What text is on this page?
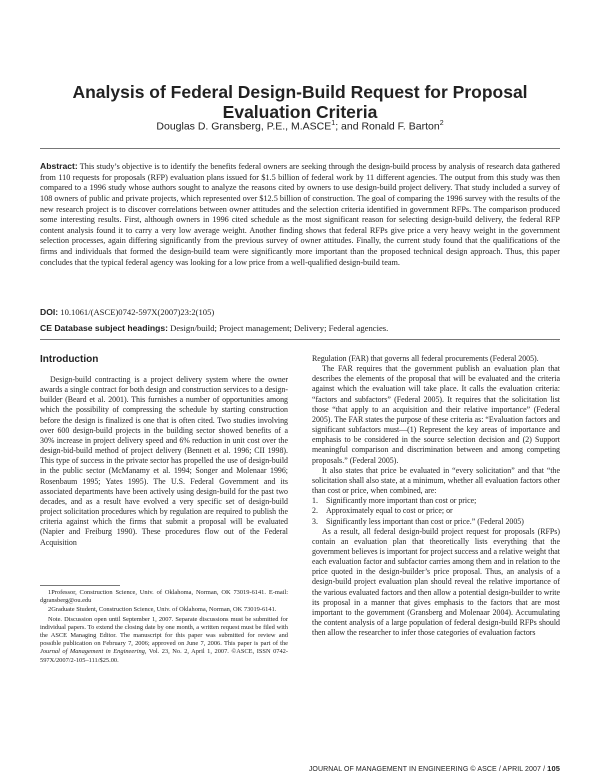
Analysis of Federal Design-Build Request for Proposal Evaluation Criteria
Douglas D. Gransberg, P.E., M.ASCE$^1$; and Ronald F. Barton$^2$

Abstract: This study’s objective is to identify the benefits federal owners are seeking through the design-build process by analysis of research data gathered from 110 requests for proposals (RFP) evaluation plans issued for $1.5 billion of federal work by 11 different agencies. The output from this study was then compared to a 1996 study whose authors sought to analyze the reasons cited by owners to use design-build project delivery. That study included a survey of 108 owners of public and private projects, which represented over $12.5 billion of construction. The goal of comparing the 1996 survey with the results of the new research project is to discover correlations between owner attitudes and the selection criteria identified in government RFPs. The comparison produced some interesting results. First, although owners in 1996 cited schedule as the most significant reason for selecting design-build delivery, the federal RFP content analysis found it to carry a very low average weight. Another finding shows that federal RFPs give price a very heavy weight in the government selection processes, again differing significantly from the previous survey of owner attitudes. Finally, the current study found that the qualifications of the firms and individuals that formed the design-build team were significantly more important than the proposed technical design approach. Thus, this paper concludes that the typical federal agency was looking for a low price from a well-qualified design-build team.

DOI: 10.1061/(ASCE)0742-597X(2007)23:2(105)

CE Database subject headings: Design/build; Project management; Delivery; Federal agencies.

Introduction

Design-build contracting is a project delivery system where the owner awards a single contract for both design and construction services to a design-builder (Beard et al. 2001). This furnishes a number of opportunities among which the possibility of compressing the schedule by starting construction before the design is finalized is one that is often cited. Two studies involving over 600 design-build projects in the building sector showed benefits of a 30% increase in project delivery speed and 6% reduction in unit cost over the design-bid-build method of project delivery (Bennett et al. 1996; CII 1998). This type of success in the private sector has propelled the use of design-build in the public sector (McManamy et al. 1994; Songer and Molenaar 1996; Rosenbaum 1995; Yates 1995). The U.S. Federal Government and its associated departments have been actively using design-build for the past two decades, and as a result have evolved a very specific set of design-build project solicitation procedures which by regulation are required to publish the criteria against which the firms that submit a proposal will be evaluated (Napier and Freiburg 1990). These procedures flow out of the Federal Acquisition

1Professor, Construction Science, Univ. of Oklahoma, Norman, OK 73019-6141. E-mail: dgransberg@ou.edu

2Graduate Student, Construction Science, Univ. of Oklahoma, Norman, OK 73019-6141.

Note. Discussion open until September 1, 2007. Separate discussions must be submitted for individual papers. To extend the closing date by one month, a written request must be filed with the ASCE Managing Editor. The manuscript for this paper was submitted for review and possible publication on February 7, 2006; approved on June 7, 2006. This paper is part of the Journal of Management in Engineering, Vol. 23, No. 2, April 1, 2007. ©ASCE, ISSN 0742-597X/2007/2-105–111/$25.00.

Regulation (FAR) that governs all federal procurements (Federal 2005).

The FAR requires that the government publish an evaluation plan that describes the elements of the proposal that will be evaluated and the criteria against which the evaluation will take place. It calls the evaluation criteria: “factors and subfactors” (Federal 2005). It requires that the solicitation list those “that apply to an acquisition and their relative importance” (Federal 2005). The FAR states the purpose of these criteria as: “Evaluation factors and significant subfactors must—(1) Represent the key areas of importance and emphasis to be considered in the source selection decision and (2) Support meaningful comparison and discrimination between and among competing proposals.” (Federal 2005).

It also states that price be evaluated in “every solicitation” and that “the solicitation shall also state, at a minimum, whether all evaluation factors other than cost or price, when combined, are:

1. Significantly more important than cost or price;
2. Approximately equal to cost or price; or
3. Significantly less important than cost or price.” (Federal 2005)

As a result, all federal design-build project request for proposals (RFPs) contain an evaluation plan that theoretically lists everything that the government believes is important for project success and a relative weight that each evaluation factor and subfactor carries among them and in relation to the price quoted in the design-builder’s price proposal. Thus, an analysis of a design-build project evaluation plan should reveal the relative importance of the various evaluated factors and then allow a potential design-builder to write its proposal in a manner that gives emphasis to the factors that are most important to the government (Gransberg and Molenaar 2004). Accumulating the content analysis of a large population of federal design-build RFPs should then allow the researcher to infer those categories of evaluation factors

JOURNAL OF MANAGEMENT IN ENGINEERING © ASCE / APRIL 2007 / 105
